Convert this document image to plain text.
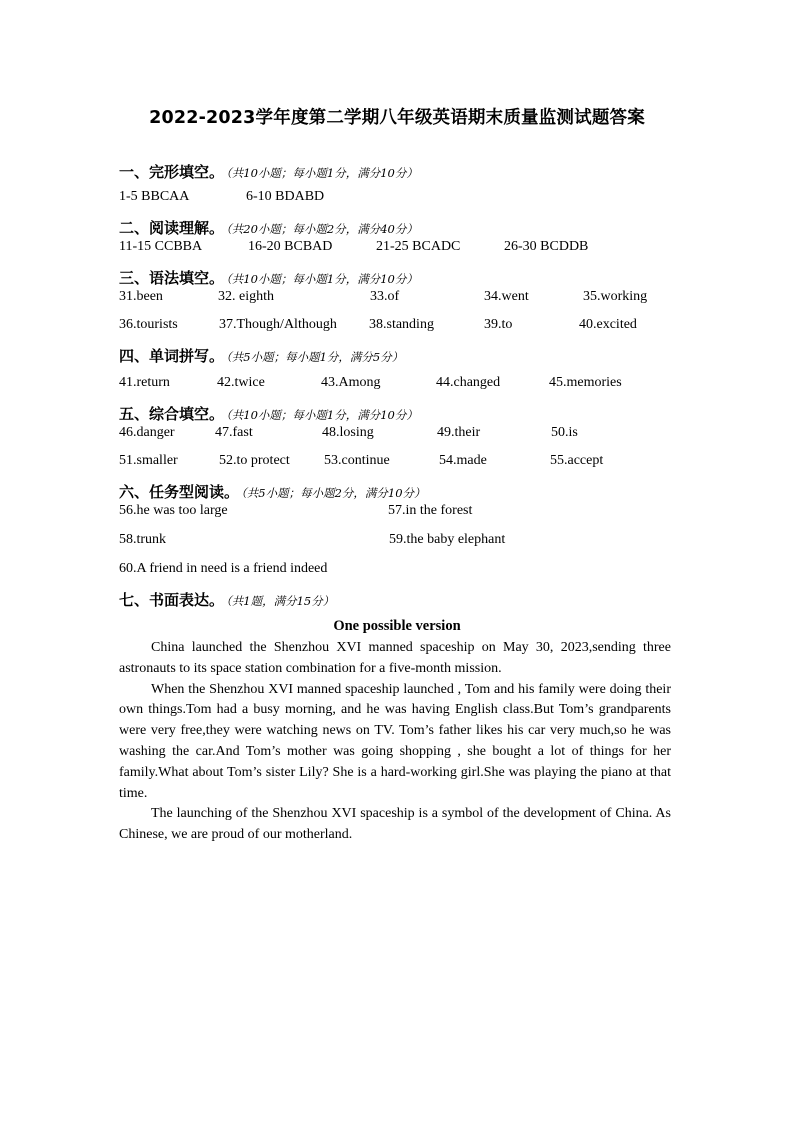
2022-2023学年度第二学期八年级英语期末质量监测试题答案
一、完形填空。 （共10小题；每小题1分，满分10分）
1-5 BBCAA	6-10 BDABD
二、阅读理解。 （共20小题；每小题2分，满分40分）
11-15 CCBBA	16-20 BCBAD	21-25 BCADC	26-30 BCDDB
三、语法填空。 （共10小题；每小题1分，满分10分）
31.been	32. eighth	33.of	34.went	35.working
36.tourists	37.Though/Although 38.standing	39.to	40.excited
四、单词拼写。 （共5小题；每小题1分，满分5分）
41.return	42.twice	43.Among	44.changed	45.memories
五、综合填空。 （共10小题；每小题1分，满分10分）
46.danger	47.fast	48.losing	49.their	50.is
51.smaller	52.to protect 53.continue	54.made	55.accept
六、任务型阅读。 （共5小题；每小题2分，满分10分）
56.he was too large	57.in the forest
58.trunk	59.the baby elephant
60.A friend in need is a friend indeed
七、书面表达。 （共1题，满分15分）
One possible version

China launched the Shenzhou XVI manned spaceship on May 30, 2023,sending three astronauts to its space station combination for a five-month mission.

When the Shenzhou XVI manned spaceship launched , Tom and his family were doing their own things.Tom had a busy morning, and he was having English class.But Tom’s grandparents were very free,they were watching news on TV. Tom’s father likes his car very much,so he was washing the car.And Tom’s mother was going shopping , she bought a lot of things for her family.What about Tom’s sister Lily? She is a hard-working girl.She was playing the piano at that time.

The launching of the Shenzhou XVI spaceship is a symbol of the development of China. As Chinese, we are proud of our motherland.
